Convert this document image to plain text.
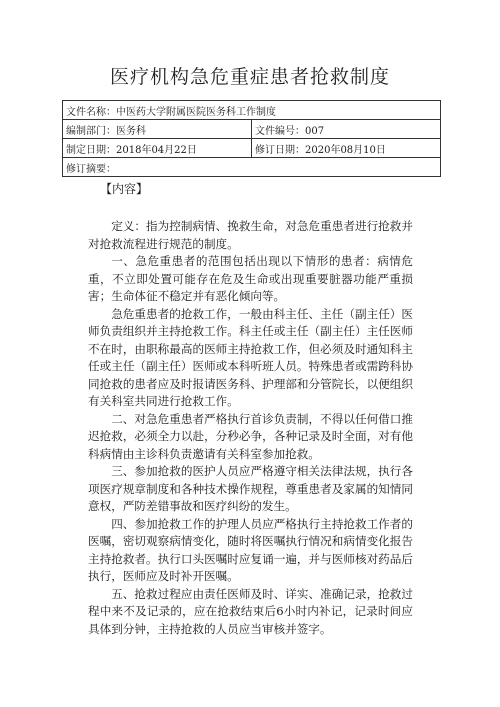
医疗机构急危重症患者抢救制度
文件名称：中医药大学附属医院医务科工作制度	
编制部门：医务科	文件编号：007
制定日期：2018年04月22日	修订日期：2020年08月10日
修订摘要：	
【内容】

定义：指为控制病情、挽救生命，对急危重患者进行抢救并对抢救流程进行规范的制度。

一、急危重患者的范围包括出现以下情形的患者：病情危重，不立即处置可能存在危及生命或出现重要脏器功能严重损害；生命体征不稳定并有恶化倾向等。

急危重患者的抢救工作，一般由科主任、主任（副主任）医师负责组织并主持抢救工作。科主任或主任（副主任）主任医师不在时，由职称最高的医师主持抢救工作，但必须及时通知科主任或主任（副主任）医师或本科听班人员。特殊患者或需跨科协同抢救的患者应及时报请医务科、护理部和分管院长，以便组织有关科室共同进行抢救工作。

二、对急危重患者严格执行首诊负责制，不得以任何借口推迟抢救，必须全力以赴，分秒必争，各种记录及时全面，对有他科病情由主诊科负责邀请有关科室参加抢救。

三、参加抢救的医护人员应严格遵守相关法律法规，执行各项医疗规章制度和各种技术操作规程，尊重患者及家属的知情同意权，严防差错事故和医疗纠纷的发生。

四、参加抢救工作的护理人员应严格执行主持抢救工作者的医嘱，密切观察病情变化，随时将医嘱执行情况和病情变化报告主持抢救者。执行口头医嘱时应复诵一遍，并与医师核对药品后执行，医师应及时补开医嘱。

五、抢救过程应由责任医师及时、详实、准确记录，抢救过程中来不及记录的，应在抢救结束后6小时内补记，记录时间应具体到分钟，主持抢救的人员应当审核并签字。
